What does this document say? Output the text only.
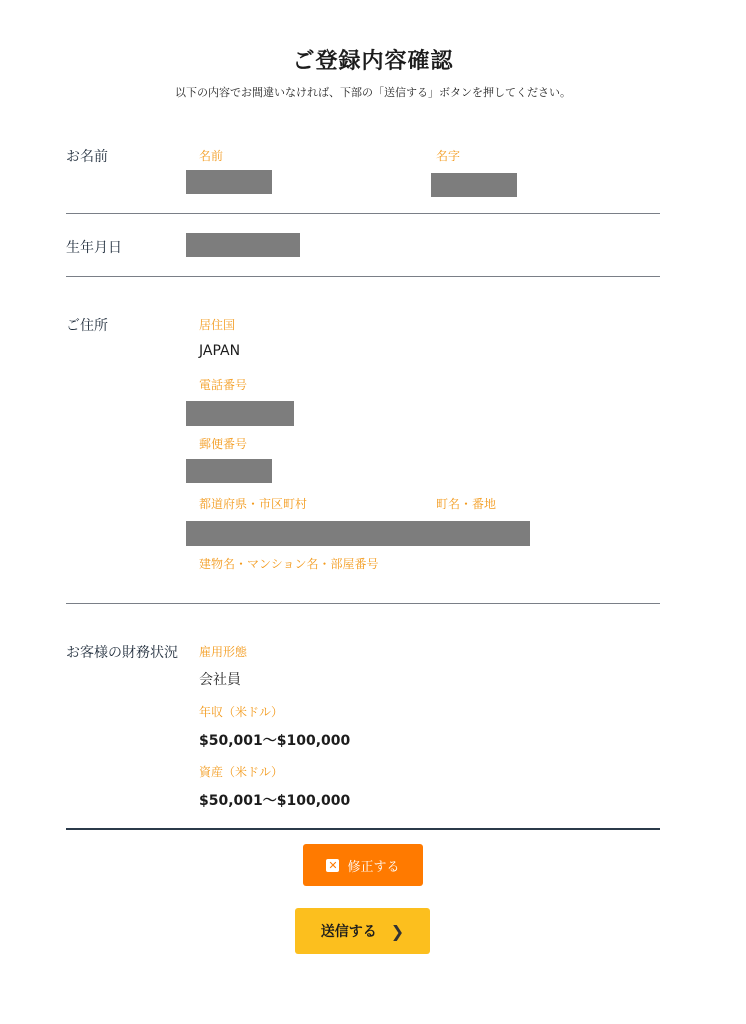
ご登録内容確認
以下の内容でお間違いなければ、下部の「送信する」ボタンを押してください。
お名前	名前	名字
生年月日
ご住所	居住国
JAPAN
電話番号
郵便番号
都道府県・市区町村	町名・番地
建物名・マンション名・部屋番号
お客様の財務状況 雇用形態
会社員
年収（米ドル）
$50,001〜$100,000
資産（米ドル）
$50,001〜$100,000
✕ 修正する
送信する ❯
